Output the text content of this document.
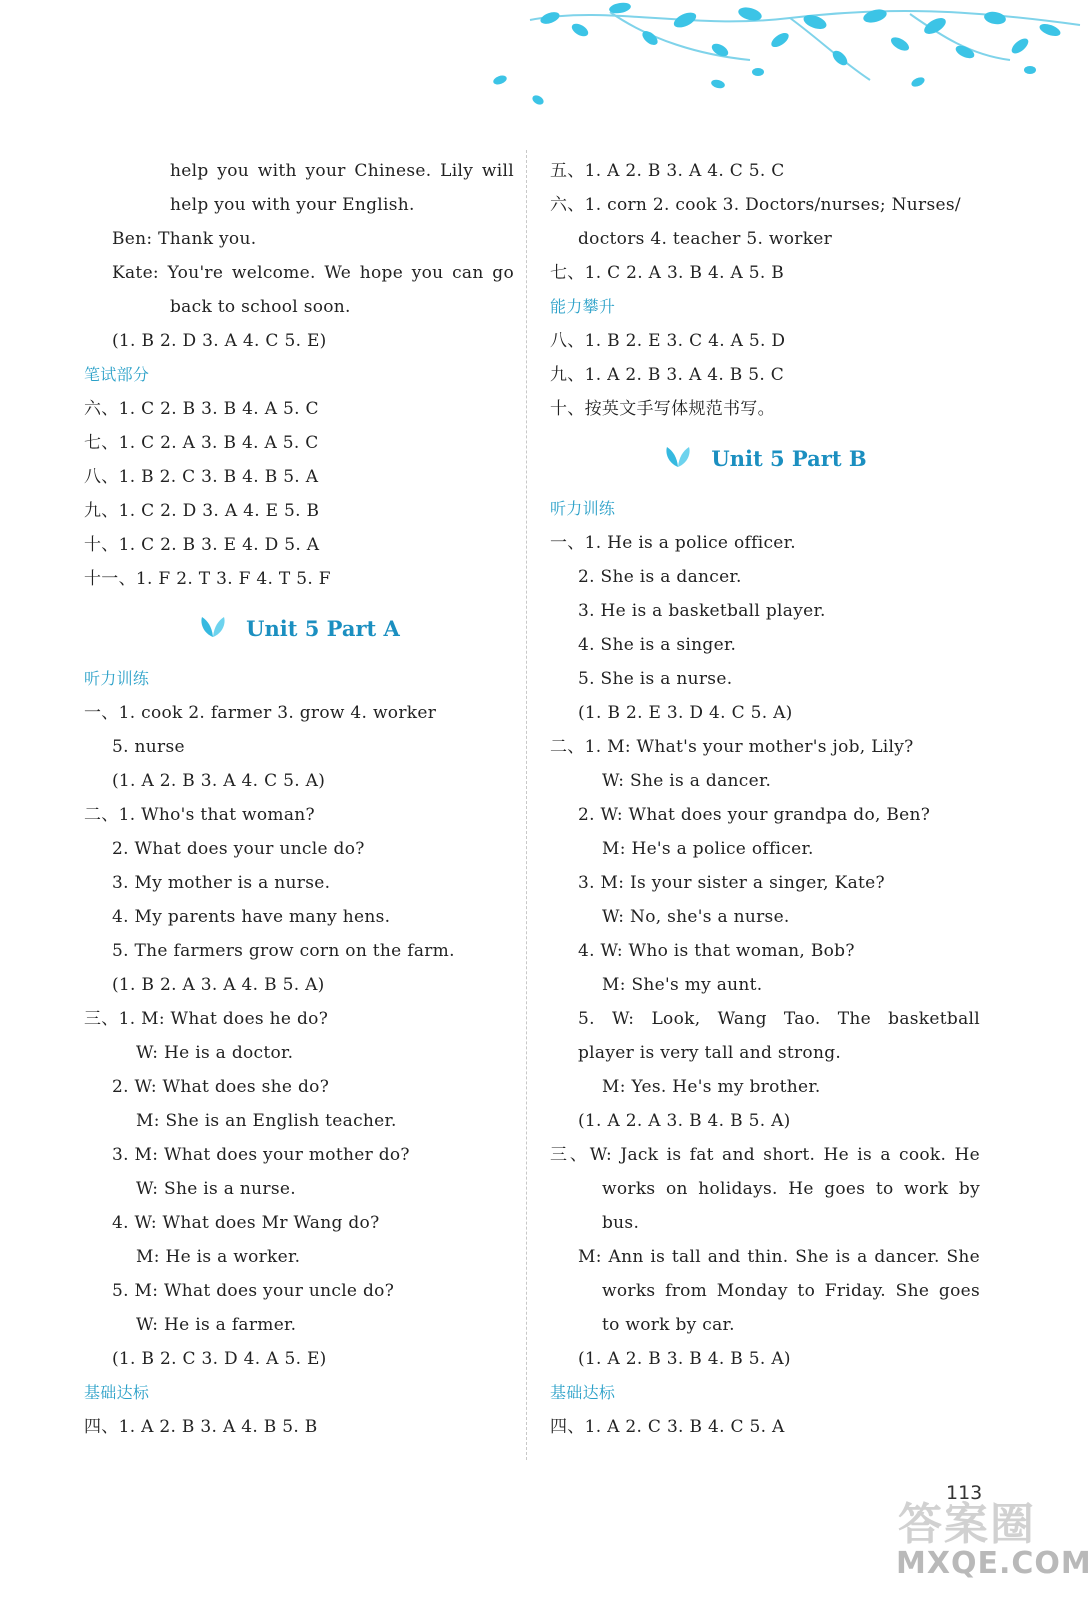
help you with your Chinese. Lily will
help you with your English.
Ben: Thank you.
Kate: You're welcome. We hope you can go
back to school soon.
(1. B 2. D 3. A 4. C 5. E)
笔试部分
六、1. C 2. B 3. B 4. A 5. C
七、1. C 2. A 3. B 4. A 5. C
八、1. B 2. C 3. B 4. B 5. A
九、1. C 2. D 3. A 4. E 5. B
十、1. C 2. B 3. E 4. D 5. A
十一、1. F 2. T 3. F 4. T 5. F
Unit 5 Part A
听力训练
一、1. cook 2. farmer 3. grow 4. worker
5. nurse
(1. A 2. B 3. A 4. C 5. A)
二、1. Who's that woman?
2. What does your uncle do?
3. My mother is a nurse.
4. My parents have many hens.
5. The farmers grow corn on the farm.
(1. B 2. A 3. A 4. B 5. A)
三、1. M: What does he do?
W: He is a doctor.
2. W: What does she do?
M: She is an English teacher.
3. M: What does your mother do?
W: She is a nurse.
4. W: What does Mr Wang do?
M: He is a worker.
5. M: What does your uncle do?
W: He is a farmer.
(1. B 2. C 3. D 4. A 5. E)
基础达标
四、1. A 2. B 3. A 4. B 5. B
五、1. A 2. B 3. A 4. C 5. C
六、1. corn 2. cook 3. Doctors/nurses; Nurses/
doctors 4. teacher 5. worker
七、1. C 2. A 3. B 4. A 5. B
能力攀升
八、1. B 2. E 3. C 4. A 5. D
九、1. A 2. B 3. A 4. B 5. C
十、按英文手写体规范书写。
Unit 5 Part B
听力训练
一、1. He is a police officer.
2. She is a dancer.
3. He is a basketball player.
4. She is a singer.
5. She is a nurse.
(1. B 2. E 3. D 4. C 5. A)
二、1. M: What's your mother's job, Lily?
W: She is a dancer.
2. W: What does your grandpa do, Ben?
M: He's a police officer.
3. M: Is your sister a singer, Kate?
W: No, she's a nurse.
4. W: Who is that woman, Bob?
M: She's my aunt.
5. W: Look, Wang Tao. The basketball
player is very tall and strong.
M: Yes. He's my brother.
(1. A 2. A 3. B 4. B 5. A)
三、W: Jack is fat and short. He is a cook. He
works on holidays. He goes to work by
bus.
M: Ann is tall and thin. She is a dancer. She
works from Monday to Friday. She goes
to work by car.
(1. A 2. B 3. B 4. B 5. A)
基础达标
四、1. A 2. C 3. B 4. C 5. A
113
答案圈
MXQE.COM
